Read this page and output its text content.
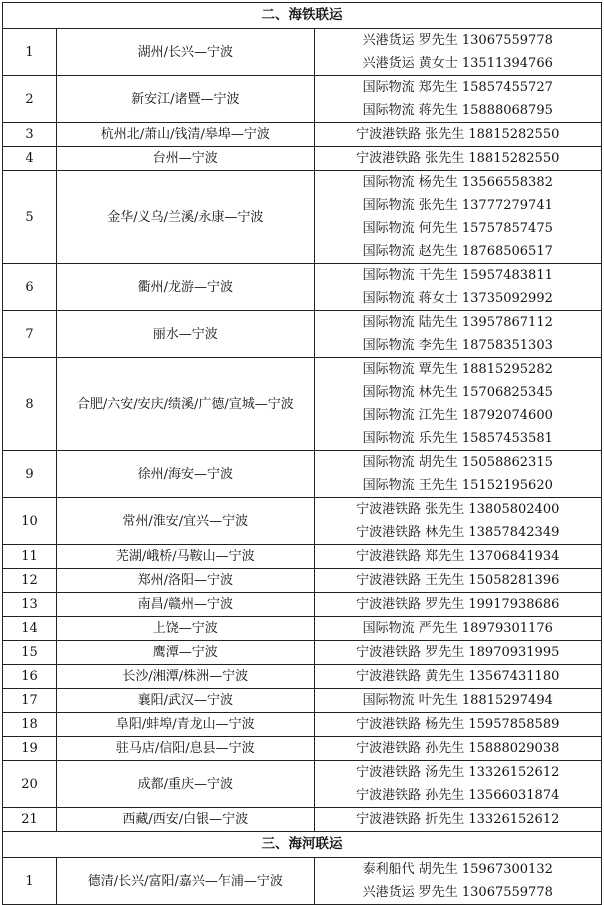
二、海铁联运		
1	湖州/长兴—宁波	兴港货运 罗先生 13067559778
兴港货运 黄女士 13511394766

2	新安江/诸暨—宁波	国际物流 郑先生 15857455727
国际物流 蒋先生 15888068795

3	杭州北/萧山/钱清/皋埠—宁波	宁波港铁路 张先生 18815282550

4	台州—宁波	宁波港铁路 张先生 18815282550

5	金华/义乌/兰溪/永康—宁波	国际物流 杨先生 13566558382
国际物流 张先生 13777279741
国际物流 何先生 15757857475
国际物流 赵先生 18768506517

6	衢州/龙游—宁波	国际物流 干先生 15957483811
国际物流 蒋女士 13735092992

7	丽水—宁波	国际物流 陆先生 13957867112
国际物流 李先生 18758351303

8	合肥/六安/安庆/绩溪/广德/宣城—宁波	国际物流 覃先生 18815295282
国际物流 林先生 15706825345
国际物流 江先生 18792074600
国际物流 乐先生 15857453581

9	徐州/海安—宁波	国际物流 胡先生 15058862315
国际物流 王先生 15152195620

10	常州/淮安/宜兴—宁波	宁波港铁路 张先生 13805802400
宁波港铁路 林先生 13857842349

11	芜湖/峨桥/马鞍山—宁波	宁波港铁路 郑先生 13706841934

12	郑州/洛阳—宁波	宁波港铁路 王先生 15058281396

13	南昌/赣州—宁波	宁波港铁路 罗先生 19917938686

14	上饶—宁波	国际物流 严先生 18979301176

15	鹰潭—宁波	宁波港铁路 罗先生 18970931995

16	长沙/湘潭/株洲—宁波	宁波港铁路 黄先生 13567431180

17	襄阳/武汉—宁波	国际物流 叶先生 18815297494

18	阜阳/蚌埠/青龙山—宁波	宁波港铁路 杨先生 15957858589

19	驻马店/信阳/息县—宁波	宁波港铁路 孙先生 15888029038

20	成都/重庆—宁波	宁波港铁路 汤先生 13326152612
宁波港铁路 孙先生 13566031874

21	西藏/西安/白银—宁波	宁波港铁路 折先生 13326152612

三、海河联运		
1	德清/长兴/富阳/嘉兴—乍浦—宁波	泰利船代 胡先生 15967300132
兴港货运 罗先生 13067559778
